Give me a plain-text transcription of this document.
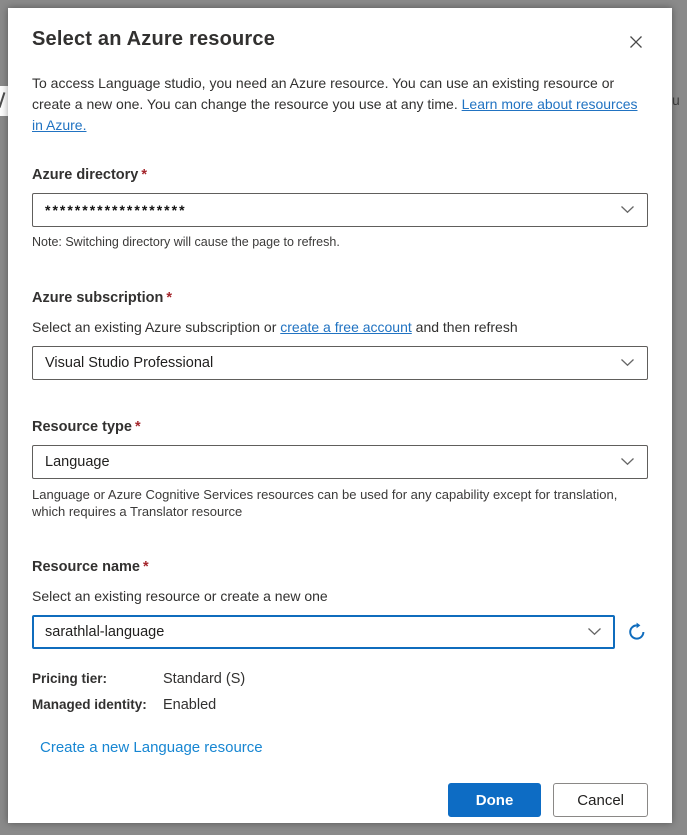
u
Select an Azure resource
To access Language studio, you need an Azure resource. You can use an existing resource or create a new one. You can change the resource you use at any time. Learn more about resources in Azure.
Azure directory *
*******************
Note: Switching directory will cause the page to refresh.
Azure subscription *
Select an existing Azure subscription or create a free account and then refresh
Visual Studio Professional
Resource type *
Language
Language or Azure Cognitive Services resources can be used for any capability except for translation, which requires a Translator resource
Resource name *
Select an existing resource or create a new one
sarathlal-language
Pricing tier:	Standard (S)
Managed identity:	Enabled
Create a new Language resource
Done	Cancel
